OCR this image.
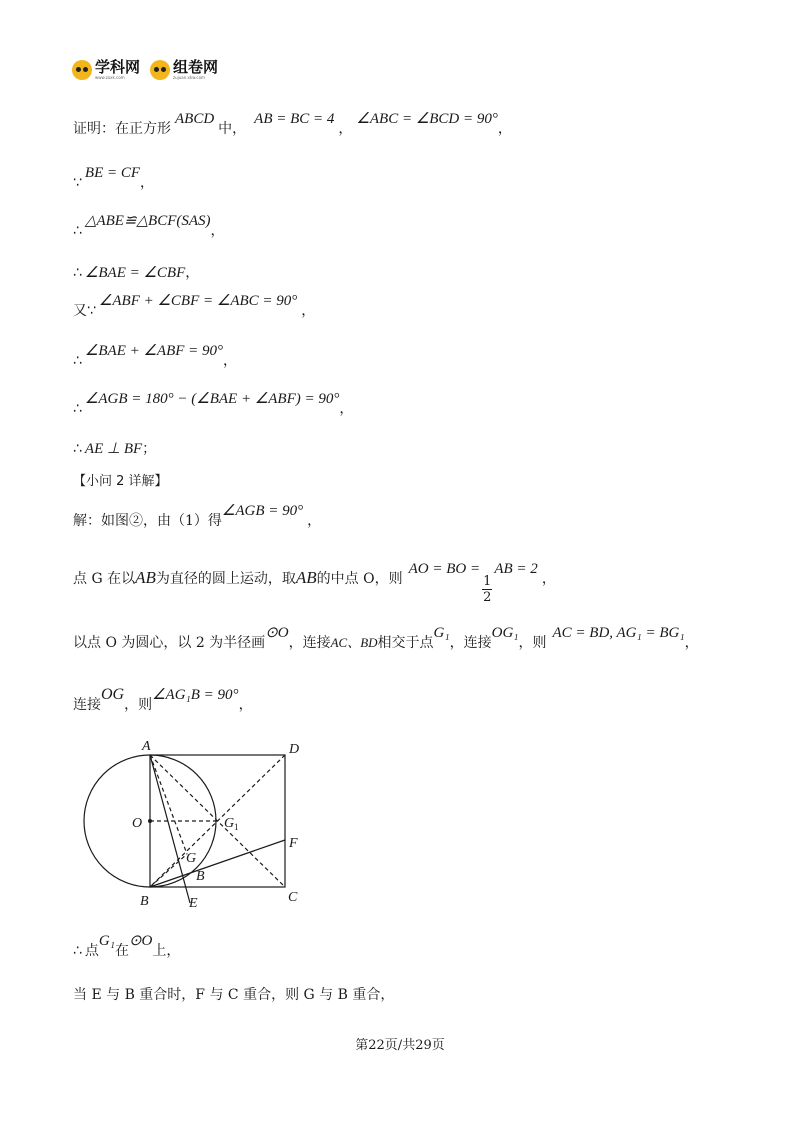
学科网
www.zxxk.com
组卷网
zujuan.xkw.com
证明：在正方形
ABCD
中，
AB = BC = 4
，
∠ABC = ∠BCD = 90°
，
∵
BE = CF
，
∴
△ABE≌△BCF(SAS)
，
∴ ∠BAE = ∠CBF ，
又 ∵
∠ABF + ∠CBF = ∠ABC = 90°
，
∴
∠BAE + ∠ABF = 90°
，
∴
∠AGB = 180° − (∠BAE + ∠ABF) = 90°
，
∴ AE ⊥ BF ；
【小问 2 详解】
解：如图②，由（1）得
∠AGB = 90°
，
点 G 在以 AB 为直径的圆上运动，取 AB 的中点 O，则
AO = BO =
$\frac{1}{2}$
AB = 2
，
以点 O 为圆心，以 2 为半径画
⊙O
，连接 AC、BD 相交于点
G₁
，连接
OG₁
，则
AC = BD, AG₁ = BG₁
，
连接
OG
，则
∠AG₁B = 90°
，
A	D
O	G 1
G
F
B
B	E	C
∴ 点
G₁
在
⊙O
上，
当 E 与 B 重合时，F 与 C 重合，则 G 与 B 重合，
第22页/共29页
